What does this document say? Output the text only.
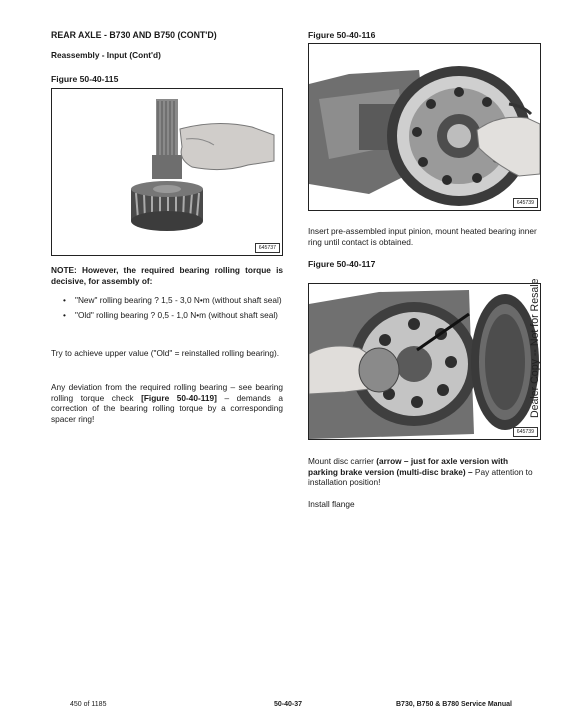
REAR AXLE - B730 AND B750 (CONT'D)
Reassembly - Input (Cont'd)
Figure 50-40-115
645737
NOTE: However, the required bearing rolling torque is decisive, for assembly of:
• "New" rolling bearing ? 1,5 - 3,0 N•m (without shaft seal)
• "Old" rolling bearing ? 0,5 - 1,0 N•m (without shaft seal)
Try to achieve upper value ("Old" = reinstalled rolling bearing).
Any deviation from the required rolling bearing – see bearing rolling torque check [Figure 50-40-119] – demands a correction of the bearing rolling torque by a corresponding spacer ring!
Figure 50-40-116
645739
Insert pre-assembled input pinion, mount heated bearing inner ring until contact is obtained.
Figure 50-40-117
645739
Mount disc carrier (arrow – just for axle version with parking brake version (multi-disc brake) – Pay attention to installation position!
Install flange
Dealer Copy -- Not for Resale
450 of 1185	50-40-37	B730, B750 & B780 Service Manual
